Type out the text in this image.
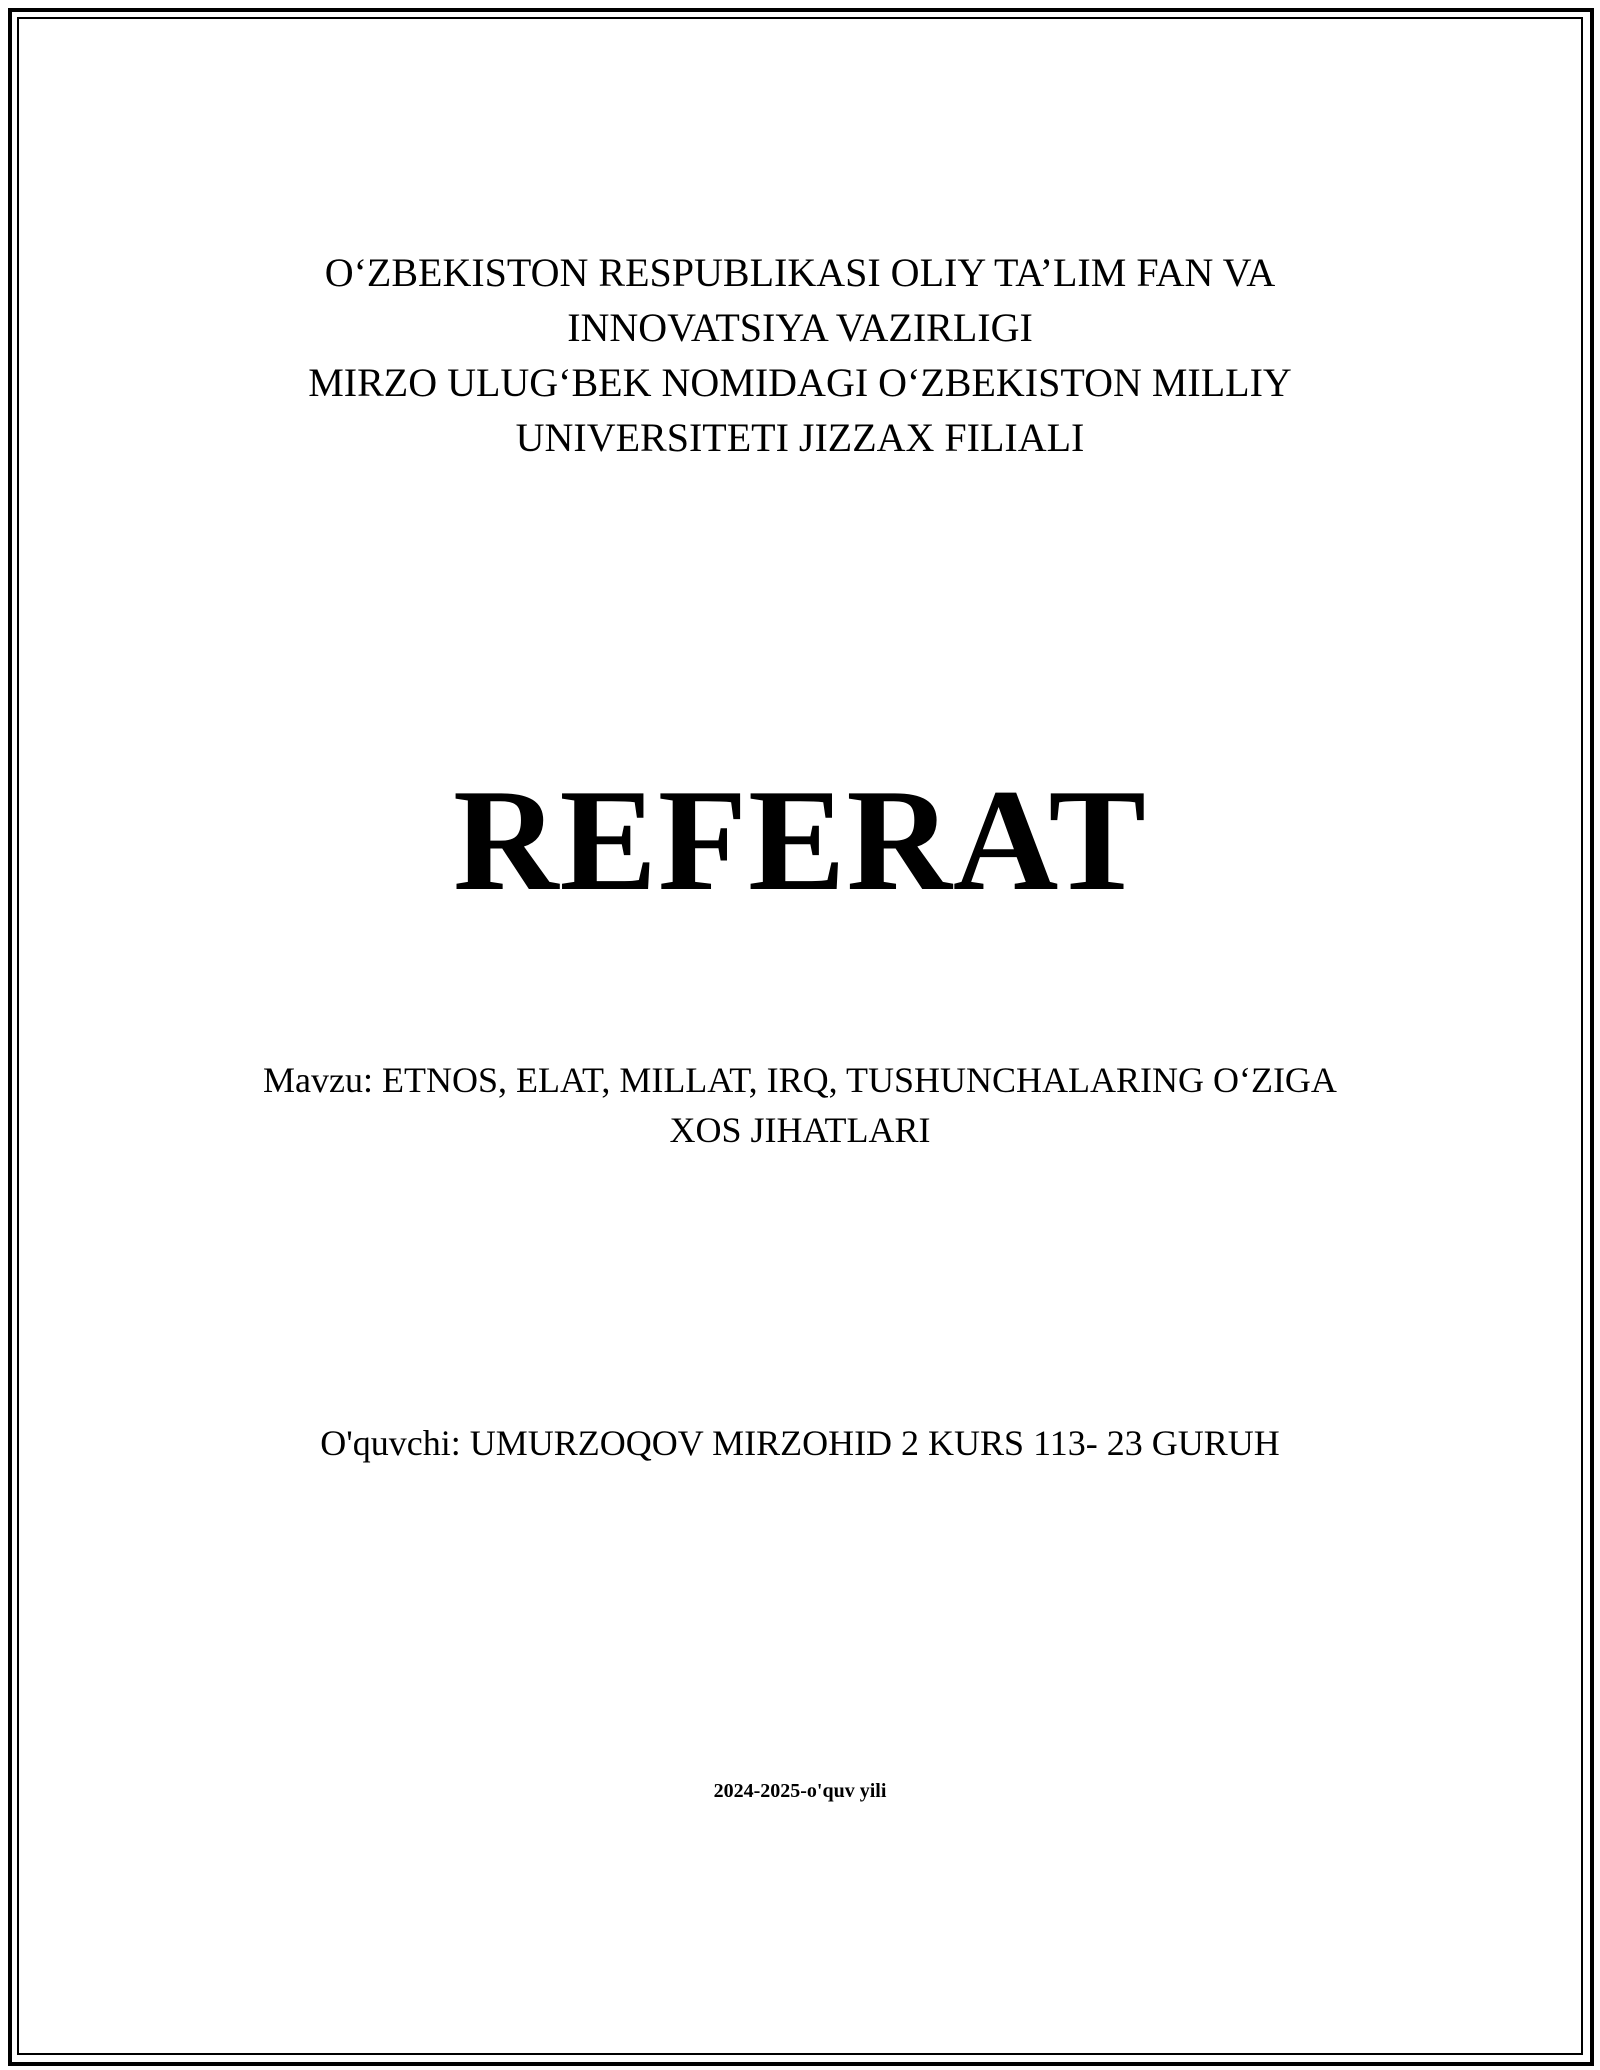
O‘ZBEKISTON RESPUBLIKASI OLIY TA’LIM FAN VA
INNOVATSIYA VAZIRLIGI
MIRZO ULUG‘BEK NOMIDAGI O‘ZBEKISTON MILLIY
UNIVERSITETI JIZZAX FILIALI
REFERAT
Mavzu: ETNOS, ELAT, MILLAT, IRQ, TUSHUNCHALARING O‘ZIGA
XOS JIHATLARI
O'quvchi: UMURZOQOV MIRZOHID 2 KURS 113- 23 GURUH
2024-2025-o'quv yili
